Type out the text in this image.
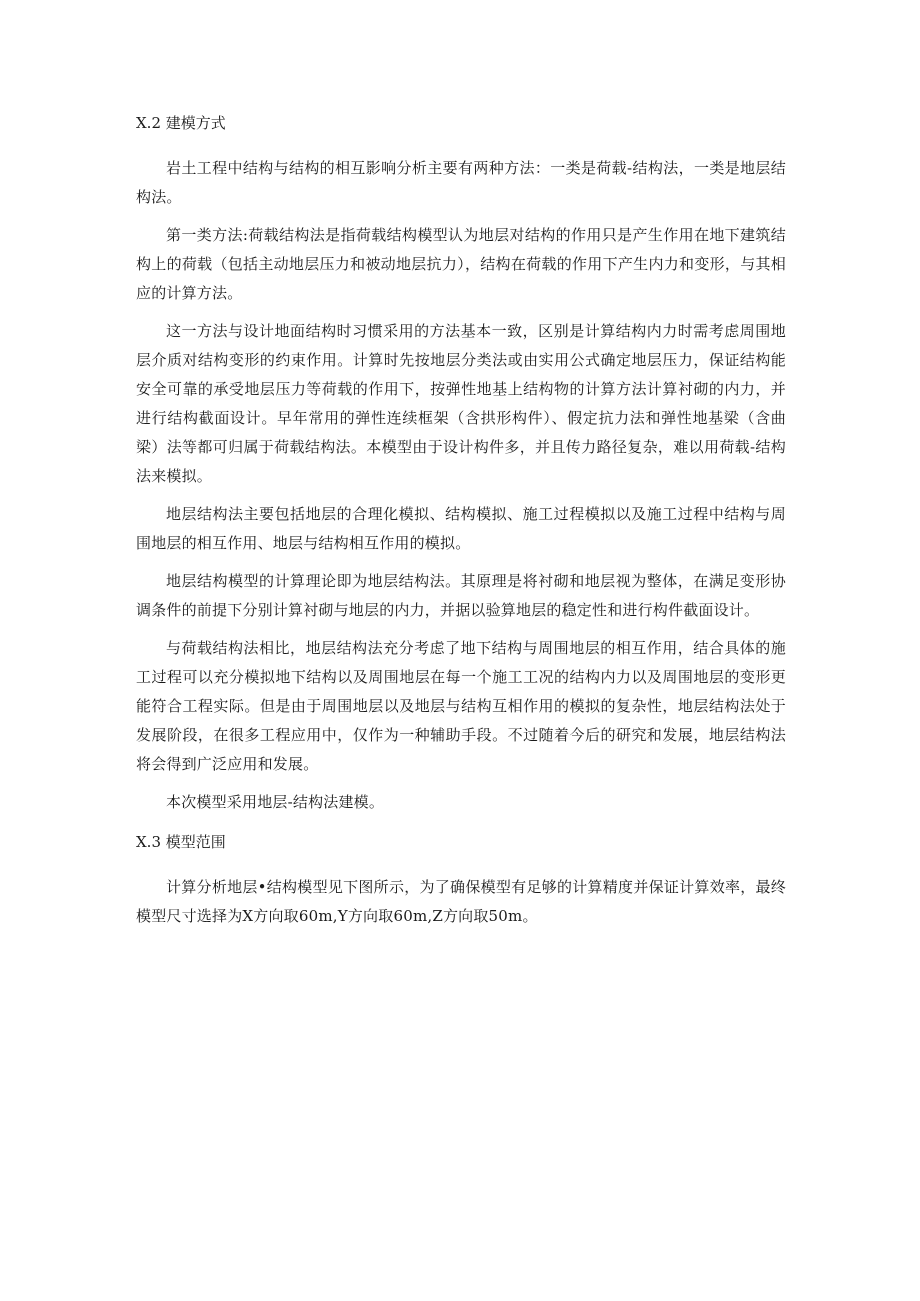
X.2 建模方式

岩土工程中结构与结构的相互影响分析主要有两种方法：一类是荷载-结构法，一类是地层结构法。

第一类方法:荷载结构法是指荷载结构模型认为地层对结构的作用只是产生作用在地下建筑结构上的荷载（包括主动地层压力和被动地层抗力），结构在荷载的作用下产生内力和变形，与其相应的计算方法。

这一方法与设计地面结构时习惯采用的方法基本一致，区别是计算结构内力时需考虑周围地层介质对结构变形的约束作用。计算时先按地层分类法或由实用公式确定地层压力，保证结构能安全可靠的承受地层压力等荷载的作用下，按弹性地基上结构物的计算方法计算衬砌的内力，并进行结构截面设计。早年常用的弹性连续框架（含拱形构件）、假定抗力法和弹性地基梁（含曲梁）法等都可归属于荷载结构法。本模型由于设计构件多，并且传力路径复杂，难以用荷载-结构法来模拟。

地层结构法主要包括地层的合理化模拟、结构模拟、施工过程模拟以及施工过程中结构与周围地层的相互作用、地层与结构相互作用的模拟。

地层结构模型的计算理论即为地层结构法。其原理是将衬砌和地层视为整体，在满足变形协调条件的前提下分别计算衬砌与地层的内力，并据以验算地层的稳定性和进行构件截面设计。

与荷载结构法相比，地层结构法充分考虑了地下结构与周围地层的相互作用，结合具体的施工过程可以充分模拟地下结构以及周围地层在每一个施工工况的结构内力以及周围地层的变形更能符合工程实际。但是由于周围地层以及地层与结构互相作用的模拟的复杂性，地层结构法处于发展阶段，在很多工程应用中，仅作为一种辅助手段。不过随着今后的研究和发展，地层结构法将会得到广泛应用和发展。

本次模型采用地层-结构法建模。

X.3 模型范围

计算分析地层•结构模型见下图所示，为了确保模型有足够的计算精度并保证计算效率，最终模型尺寸选择为X方向取60m,Y方向取60m,Z方向取50m。
